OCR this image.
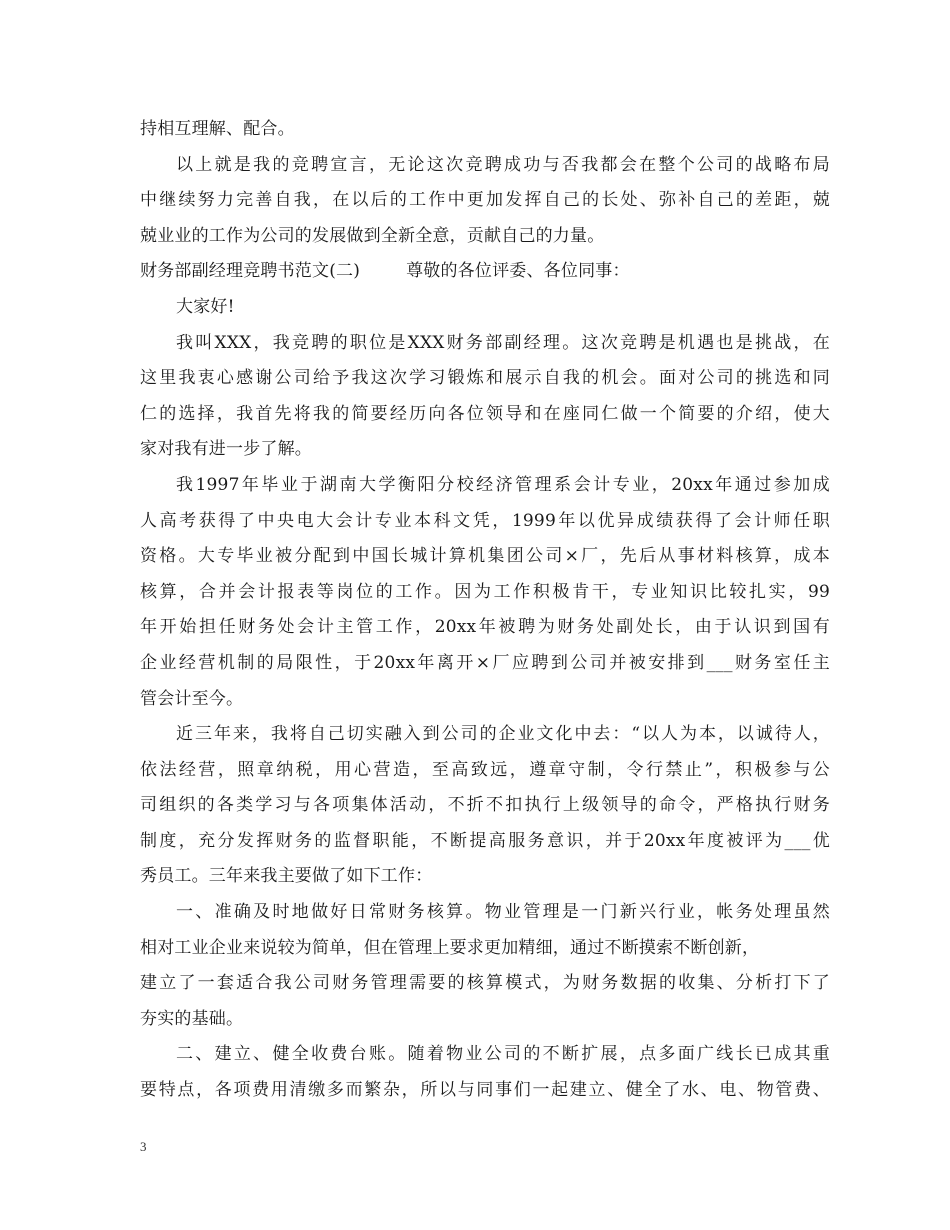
持相互理解、配合。
以上就是我的竞聘宣言，无论这次竞聘成功与否我都会在整个公司的战略布局
中继续努力完善自我，在以后的工作中更加发挥自己的长处、弥补自己的差距，兢
兢业业的工作为公司的发展做到全新全意，贡献自己的力量。
财务部副经理竞聘书范文(二)	尊敬的各位评委、各位同事：
大家好!
我叫XXX，我竞聘的职位是XXX财务部副经理。这次竞聘是机遇也是挑战，在
这里我衷心感谢公司给予我这次学习锻炼和展示自我的机会。面对公司的挑选和同
仁的选择，我首先将我的简要经历向各位领导和在座同仁做一个简要的介绍，使大
家对我有进一步了解。
我1997年毕业于湖南大学衡阳分校经济管理系会计专业，20xx年通过参加成
人高考获得了中央电大会计专业本科文凭，1999年以优异成绩获得了会计师任职
资格。大专毕业被分配到中国长城计算机集团公司×厂，先后从事材料核算，成本
核算，合并会计报表等岗位的工作。因为工作积极肯干，专业知识比较扎实，99
年开始担任财务处会计主管工作，20xx年被聘为财务处副处长，由于认识到国有
企业经营机制的局限性，于20xx年离开×厂应聘到公司并被安排到___财务室任主
管会计至今。
近三年来，我将自己切实融入到公司的企业文化中去：“以人为本，以诚待人，
依法经营，照章纳税，用心营造，至高致远，遵章守制，令行禁止”，积极参与公
司组织的各类学习与各项集体活动，不折不扣执行上级领导的命令，严格执行财务
制度，充分发挥财务的监督职能，不断提高服务意识，并于20xx年度被评为___优
秀员工。三年来我主要做了如下工作：
一、准确及时地做好日常财务核算。物业管理是一门新兴行业，帐务处理虽然
相对工业企业来说较为简单，但在管理上要求更加精细，通过不断摸索不断创新，
建立了一套适合我公司财务管理需要的核算模式，为财务数据的收集、分析打下了
夯实的基础。
二、建立、健全收费台账。随着物业公司的不断扩展，点多面广线长已成其重
要特点，各项费用清缴多而繁杂，所以与同事们一起建立、健全了水、电、物管费、
3
